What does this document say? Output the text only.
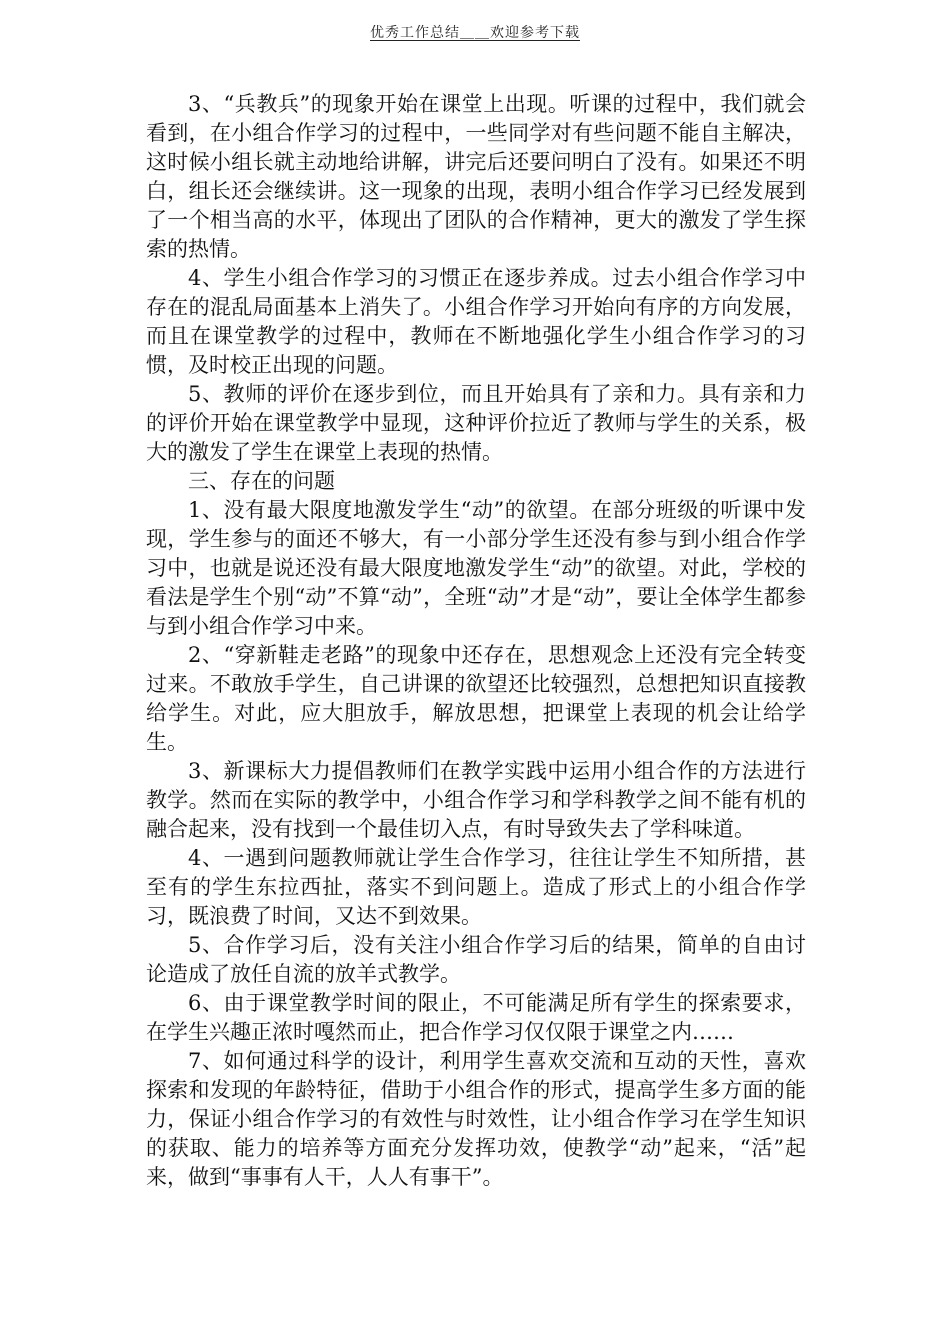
优秀工作总结＿＿欢迎参考下载

3、“兵教兵”的现象开始在课堂上出现。听课的过程中，我们就会看到，在小组合作学习的过程中，一些同学对有些问题不能自主解决，这时候小组长就主动地给讲解，讲完后还要问明白了没有。如果还不明白，组长还会继续讲。这一现象的出现，表明小组合作学习已经发展到了一个相当高的水平，体现出了团队的合作精神，更大的激发了学生探索的热情。

4、学生小组合作学习的习惯正在逐步养成。过去小组合作学习中存在的混乱局面基本上消失了。小组合作学习开始向有序的方向发展，而且在课堂教学的过程中，教师在不断地强化学生小组合作学习的习惯，及时校正出现的问题。

5、教师的评价在逐步到位，而且开始具有了亲和力。具有亲和力的评价开始在课堂教学中显现，这种评价拉近了教师与学生的关系，极大的激发了学生在课堂上表现的热情。

三、存在的问题

1、没有最大限度地激发学生“动”的欲望。在部分班级的听课中发现，学生参与的面还不够大，有一小部分学生还没有参与到小组合作学习中，也就是说还没有最大限度地激发学生“动”的欲望。对此，学校的看法是学生个别“动”不算“动”，全班“动”才是“动”，要让全体学生都参与到小组合作学习中来。

2、“穿新鞋走老路”的现象中还存在，思想观念上还没有完全转变过来。不敢放手学生，自己讲课的欲望还比较强烈，总想把知识直接教给学生。对此，应大胆放手，解放思想，把课堂上表现的机会让给学生。

3、新课标大力提倡教师们在教学实践中运用小组合作的方法进行教学。然而在实际的教学中，小组合作学习和学科教学之间不能有机的融合起来，没有找到一个最佳切入点，有时导致失去了学科味道。

4、一遇到问题教师就让学生合作学习，往往让学生不知所措，甚至有的学生东拉西扯，落实不到问题上。造成了形式上的小组合作学习，既浪费了时间，又达不到效果。

5、合作学习后，没有关注小组合作学习后的结果，简单的自由讨论造成了放任自流的放羊式教学。

6、由于课堂教学时间的限止，不可能满足所有学生的探索要求，在学生兴趣正浓时嘎然而止，把合作学习仅仅限于课堂之内……

7、如何通过科学的设计，利用学生喜欢交流和互动的天性，喜欢探索和发现的年龄特征，借助于小组合作的形式，提高学生多方面的能力，保证小组合作学习的有效性与时效性，让小组合作学习在学生知识的获取、能力的培养等方面充分发挥功效，使教学“动”起来，“活”起来，做到“事事有人干，人人有事干”。
